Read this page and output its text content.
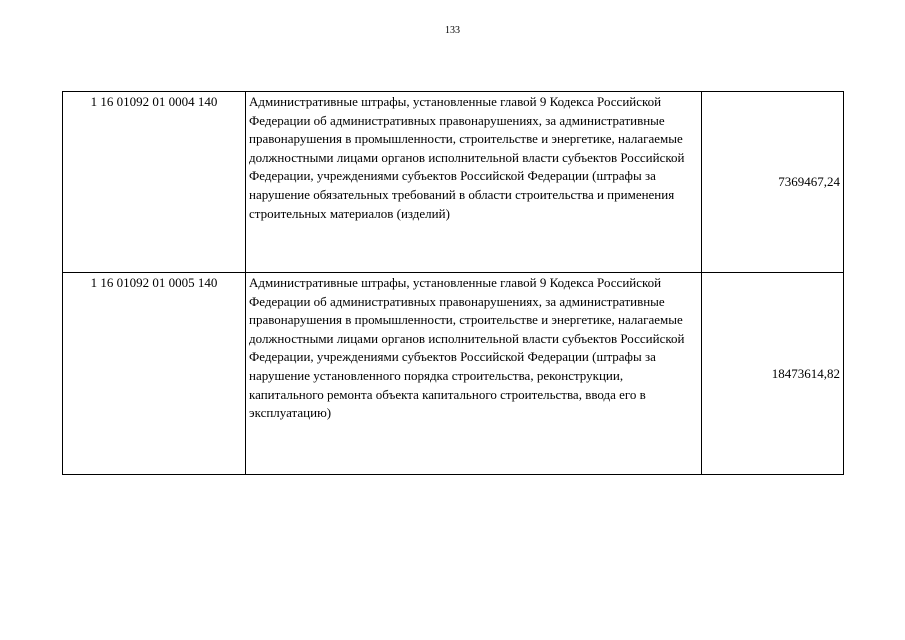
133
1 16 01092 01 0004 140	Административные штрафы, установленные главой 9 Кодекса Российской Федерации об административных правонарушениях, за административные правонарушения в промышленности, строительстве и энергетике, налагаемые должностными лицами органов исполнительной власти субъектов Российской Федерации, учреждениями субъектов Российской Федерации (штрафы за нарушение обязательных требований в области строительства и применения строительных материалов (изделий)	7369467,24
1 16 01092 01 0005 140	Административные штрафы, установленные главой 9 Кодекса Российской Федерации об административных правонарушениях, за административные правонарушения в промышленности, строительстве и энергетике, налагаемые должностными лицами органов исполнительной власти субъектов Российской Федерации, учреждениями субъектов Российской Федерации (штрафы за нарушение установленного порядка строительства, реконструкции, капитального ремонта объекта капитального строительства, ввода его в эксплуатацию)	18473614,82
